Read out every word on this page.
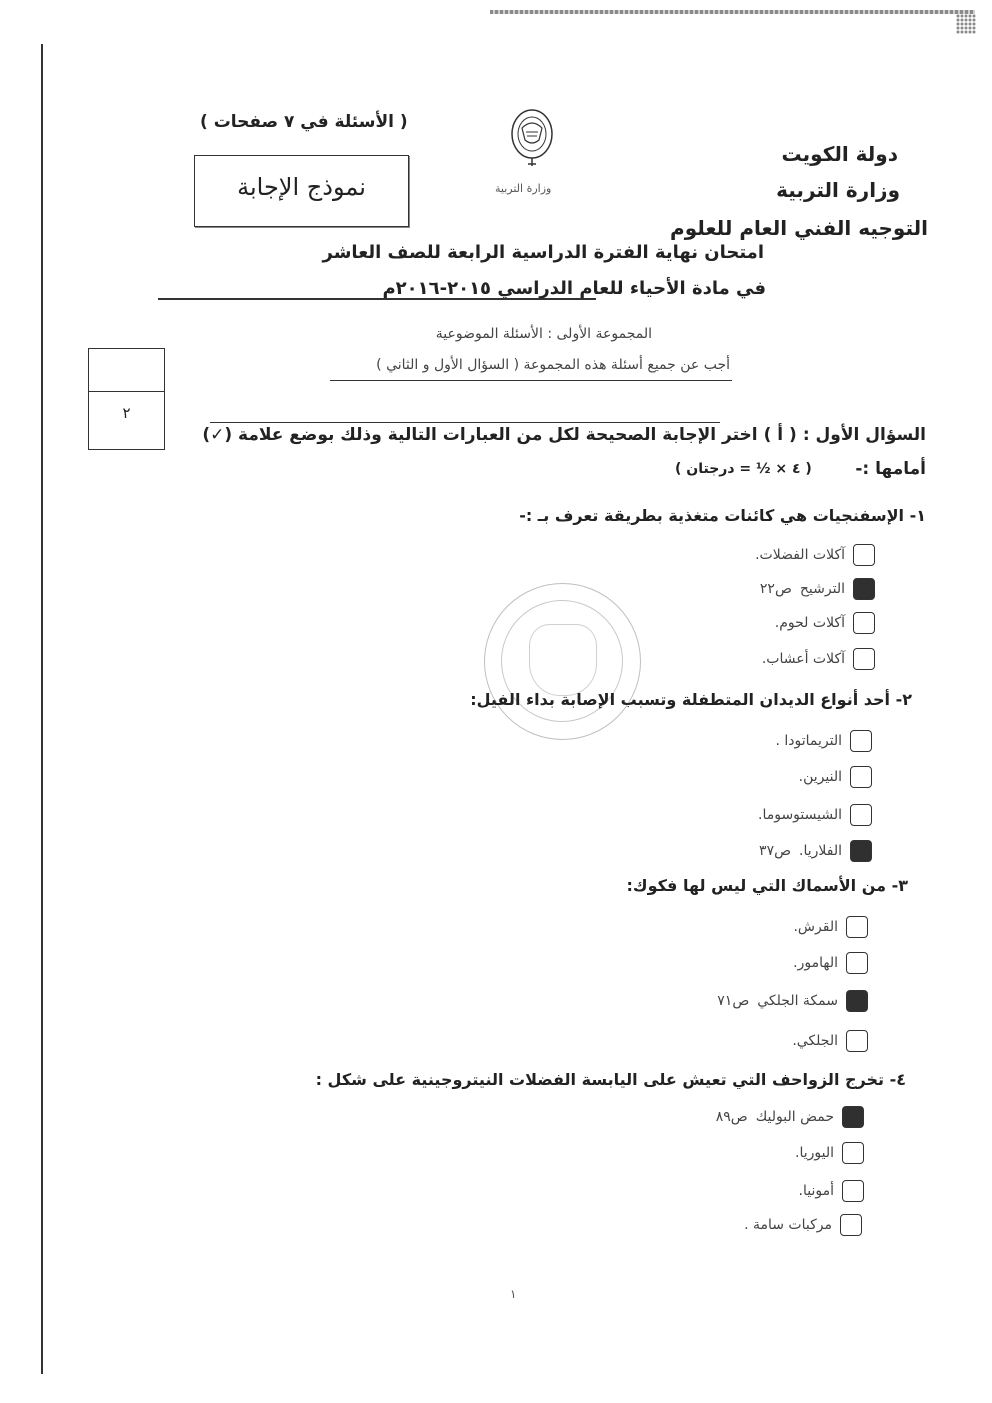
دولة الكويت
وزارة التربية
التوجيه الفني العام للعلوم
وزارة التربية
( الأسئلة في ٧ صفحات )
نموذج الإجابة
امتحان نهاية الفترة الدراسية الرابعة للصف العاشر
في مادة الأحياء للعام الدراسي ٢٠١٥-٢٠١٦م
المجموعة الأولى : الأسئلة الموضوعية
أجب عن جميع أسئلة هذه المجموعة ( السؤال الأول و الثاني )
٢
السؤال الأول :
( أ )
اختر الإجابة الصحيحة لكل من العبارات التالية وذلك بوضع علامة (✓)
أمامها :-
( ٤ × ½ = درجتان )
١- الإسفنجيات هي كائنات متغذية بطريقة تعرف بـ :-
آكلات الفضلات.
الترشيح
ص٢٢
آكلات لحوم.
آكلات أعشاب.
٢- أحد أنواع الديدان المتطفلة وتسبب الإصابة بداء الفيل:
التريماتودا .
النيرين.
الشيستوسوما.
الفلاريا.
ص٣٧
٣- من الأسماك التي ليس لها فكوك:
القرش.
الهامور.
سمكة الجلكي
ص٧١
الجلكي.
٤- تخرج الزواحف التي تعيش على اليابسة الفضلات النيتروجينية على شكل :
حمض البوليك
ص٨٩
اليوريا.
أمونيا.
مركبات سامة .
١
